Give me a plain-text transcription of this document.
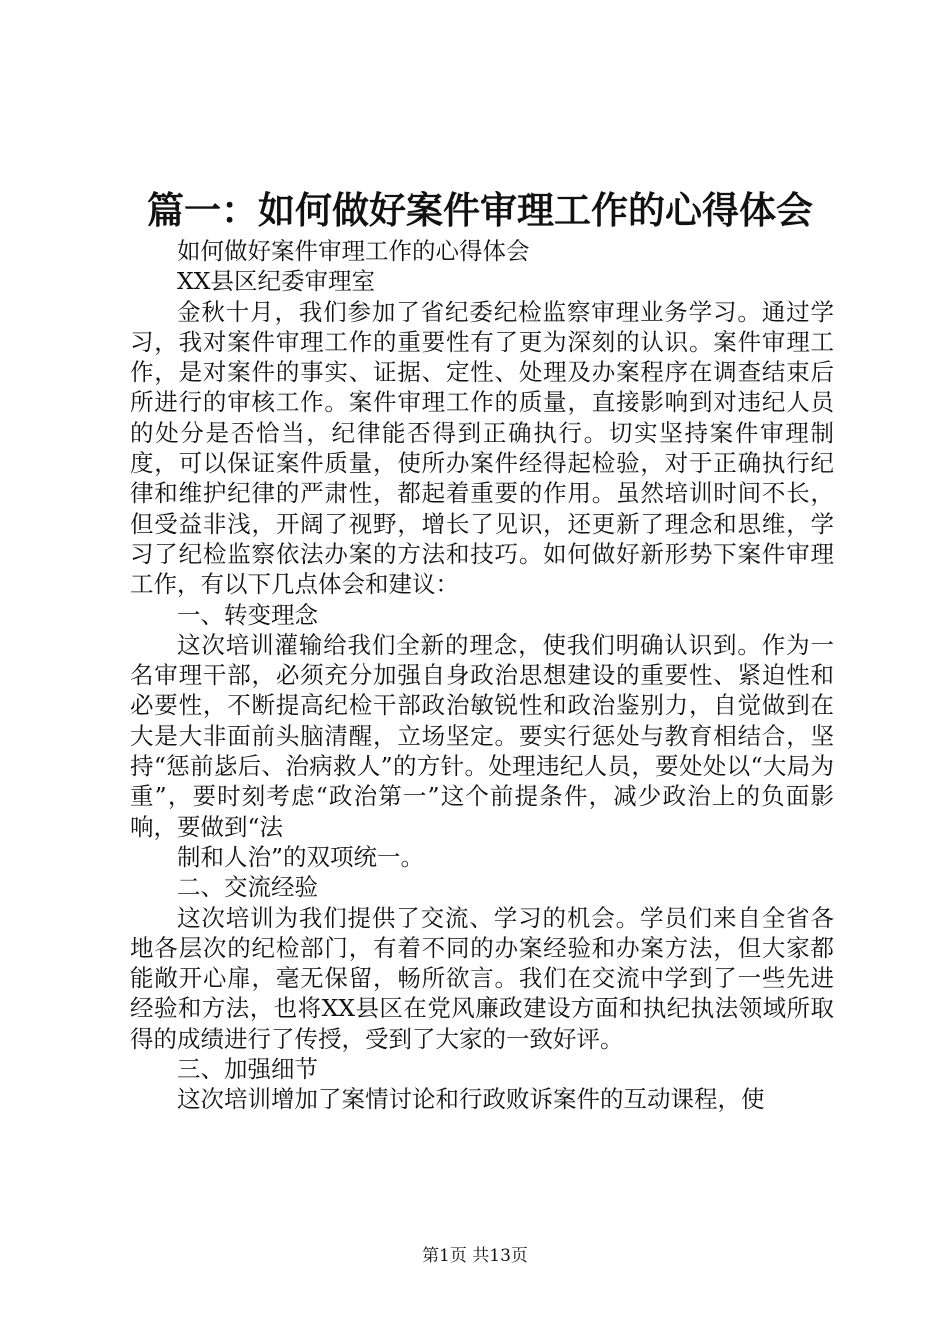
篇一：如何做好案件审理工作的心得体会

如何做好案件审理工作的心得体会

XX县区纪委审理室

金秋十月，我们参加了省纪委纪检监察审理业务学习。通过学习，我对案件审理工作的重要性有了更为深刻的认识。案件审理工作，是对案件的事实、证据、定性、处理及办案程序在调查结束后所进行的审核工作。案件审理工作的质量，直接影响到对违纪人员的处分是否恰当，纪律能否得到正确执行。切实坚持案件审理制度，可以保证案件质量，使所办案件经得起检验，对于正确执行纪律和维护纪律的严肃性，都起着重要的作用。虽然培训时间不长，但受益非浅，开阔了视野，增长了见识，还更新了理念和思维，学习了纪检监察依法办案的方法和技巧。如何做好新形势下案件审理工作，有以下几点体会和建议：

一、转变理念

这次培训灌输给我们全新的理念，使我们明确认识到。作为一名审理干部，必须充分加强自身政治思想建设的重要性、紧迫性和必要性，不断提高纪检干部政治敏锐性和政治鉴别力，自觉做到在大是大非面前头脑清醒，立场坚定。要实行惩处与教育相结合，坚持“惩前毖后、治病救人”的方针。处理违纪人员，要处处以“大局为重”，要时刻考虑“政治第一”这个前提条件，减少政治上的负面影响，要做到“法

制和人治”的双项统一。

二、交流经验

这次培训为我们提供了交流、学习的机会。学员们来自全省各地各层次的纪检部门，有着不同的办案经验和办案方法，但大家都能敞开心扉，毫无保留，畅所欲言。我们在交流中学到了一些先进经验和方法，也将XX县区在党风廉政建设方面和执纪执法领域所取得的成绩进行了传授，受到了大家的一致好评。

三、加强细节

这次培训增加了案情讨论和行政败诉案件的互动课程，使

第1页 共13页
